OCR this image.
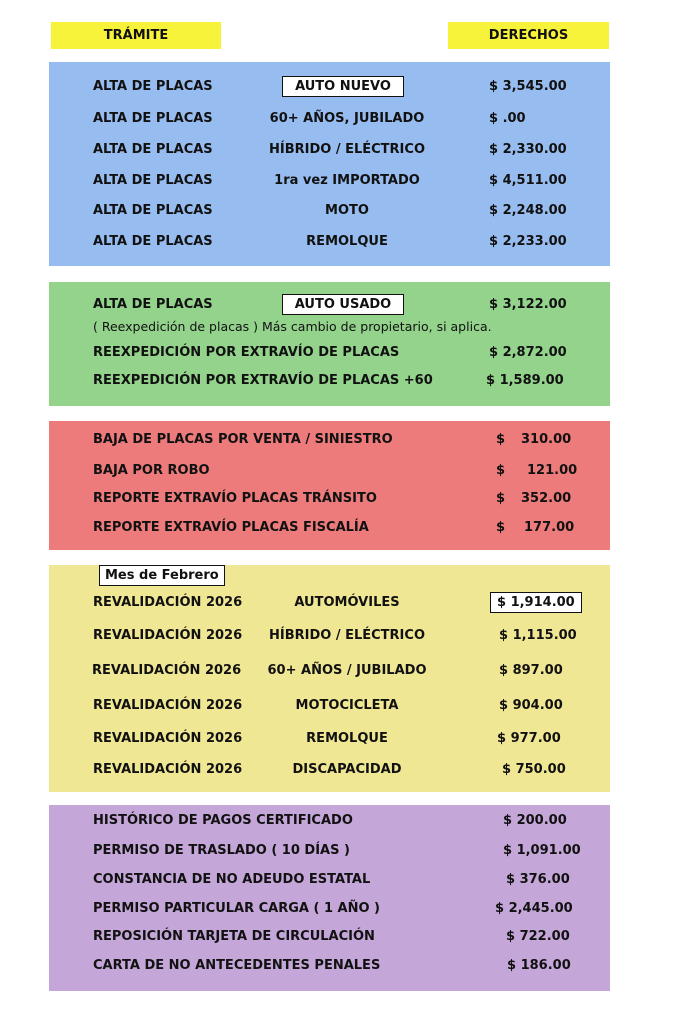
TRÁMITE	DERECHOS
ALTA DE PLACAS	AUTO NUEVO	$ 3,545.00
ALTA DE PLACAS	60+ AÑOS, JUBILADO	$ .00
ALTA DE PLACAS	HÍBRIDO / ELÉCTRICO	$ 2,330.00
ALTA DE PLACAS	1ra vez IMPORTADO	$ 4,511.00
ALTA DE PLACAS	MOTO	$ 2,248.00
ALTA DE PLACAS	REMOLQUE	$ 2,233.00
ALTA DE PLACAS	AUTO USADO	$ 3,122.00
( Reexpedición de placas ) Más cambio de propietario, si aplica.
REEXPEDICIÓN POR EXTRAVÍO DE PLACAS	$ 2,872.00
REEXPEDICIÓN POR EXTRAVÍO DE PLACAS +60	$ 1,589.00
BAJA DE PLACAS POR VENTA / SINIESTRO	$ 310.00
BAJA POR ROBO	$ 121.00
REPORTE EXTRAVÍO PLACAS TRÁNSITO	$ 352.00
REPORTE EXTRAVÍO PLACAS FISCALÍA	$ 177.00
Mes de Febrero
REVALIDACIÓN 2026	AUTOMÓVILES	$ 1,914.00
REVALIDACIÓN 2026	HÍBRIDO / ELÉCTRICO	$ 1,115.00
REVALIDACIÓN 2026	60+ AÑOS / JUBILADO	$ 897.00
REVALIDACIÓN 2026	MOTOCICLETA	$ 904.00
REVALIDACIÓN 2026	REMOLQUE	$ 977.00
REVALIDACIÓN 2026	DISCAPACIDAD	$ 750.00
HISTÓRICO DE PAGOS CERTIFICADO	$ 200.00
PERMISO DE TRASLADO ( 10 DÍAS )	$ 1,091.00
CONSTANCIA DE NO ADEUDO ESTATAL	$ 376.00
PERMISO PARTICULAR CARGA ( 1 AÑO )	$ 2,445.00
REPOSICIÓN TARJETA DE CIRCULACIÓN	$ 722.00
CARTA DE NO ANTECEDENTES PENALES	$ 186.00
